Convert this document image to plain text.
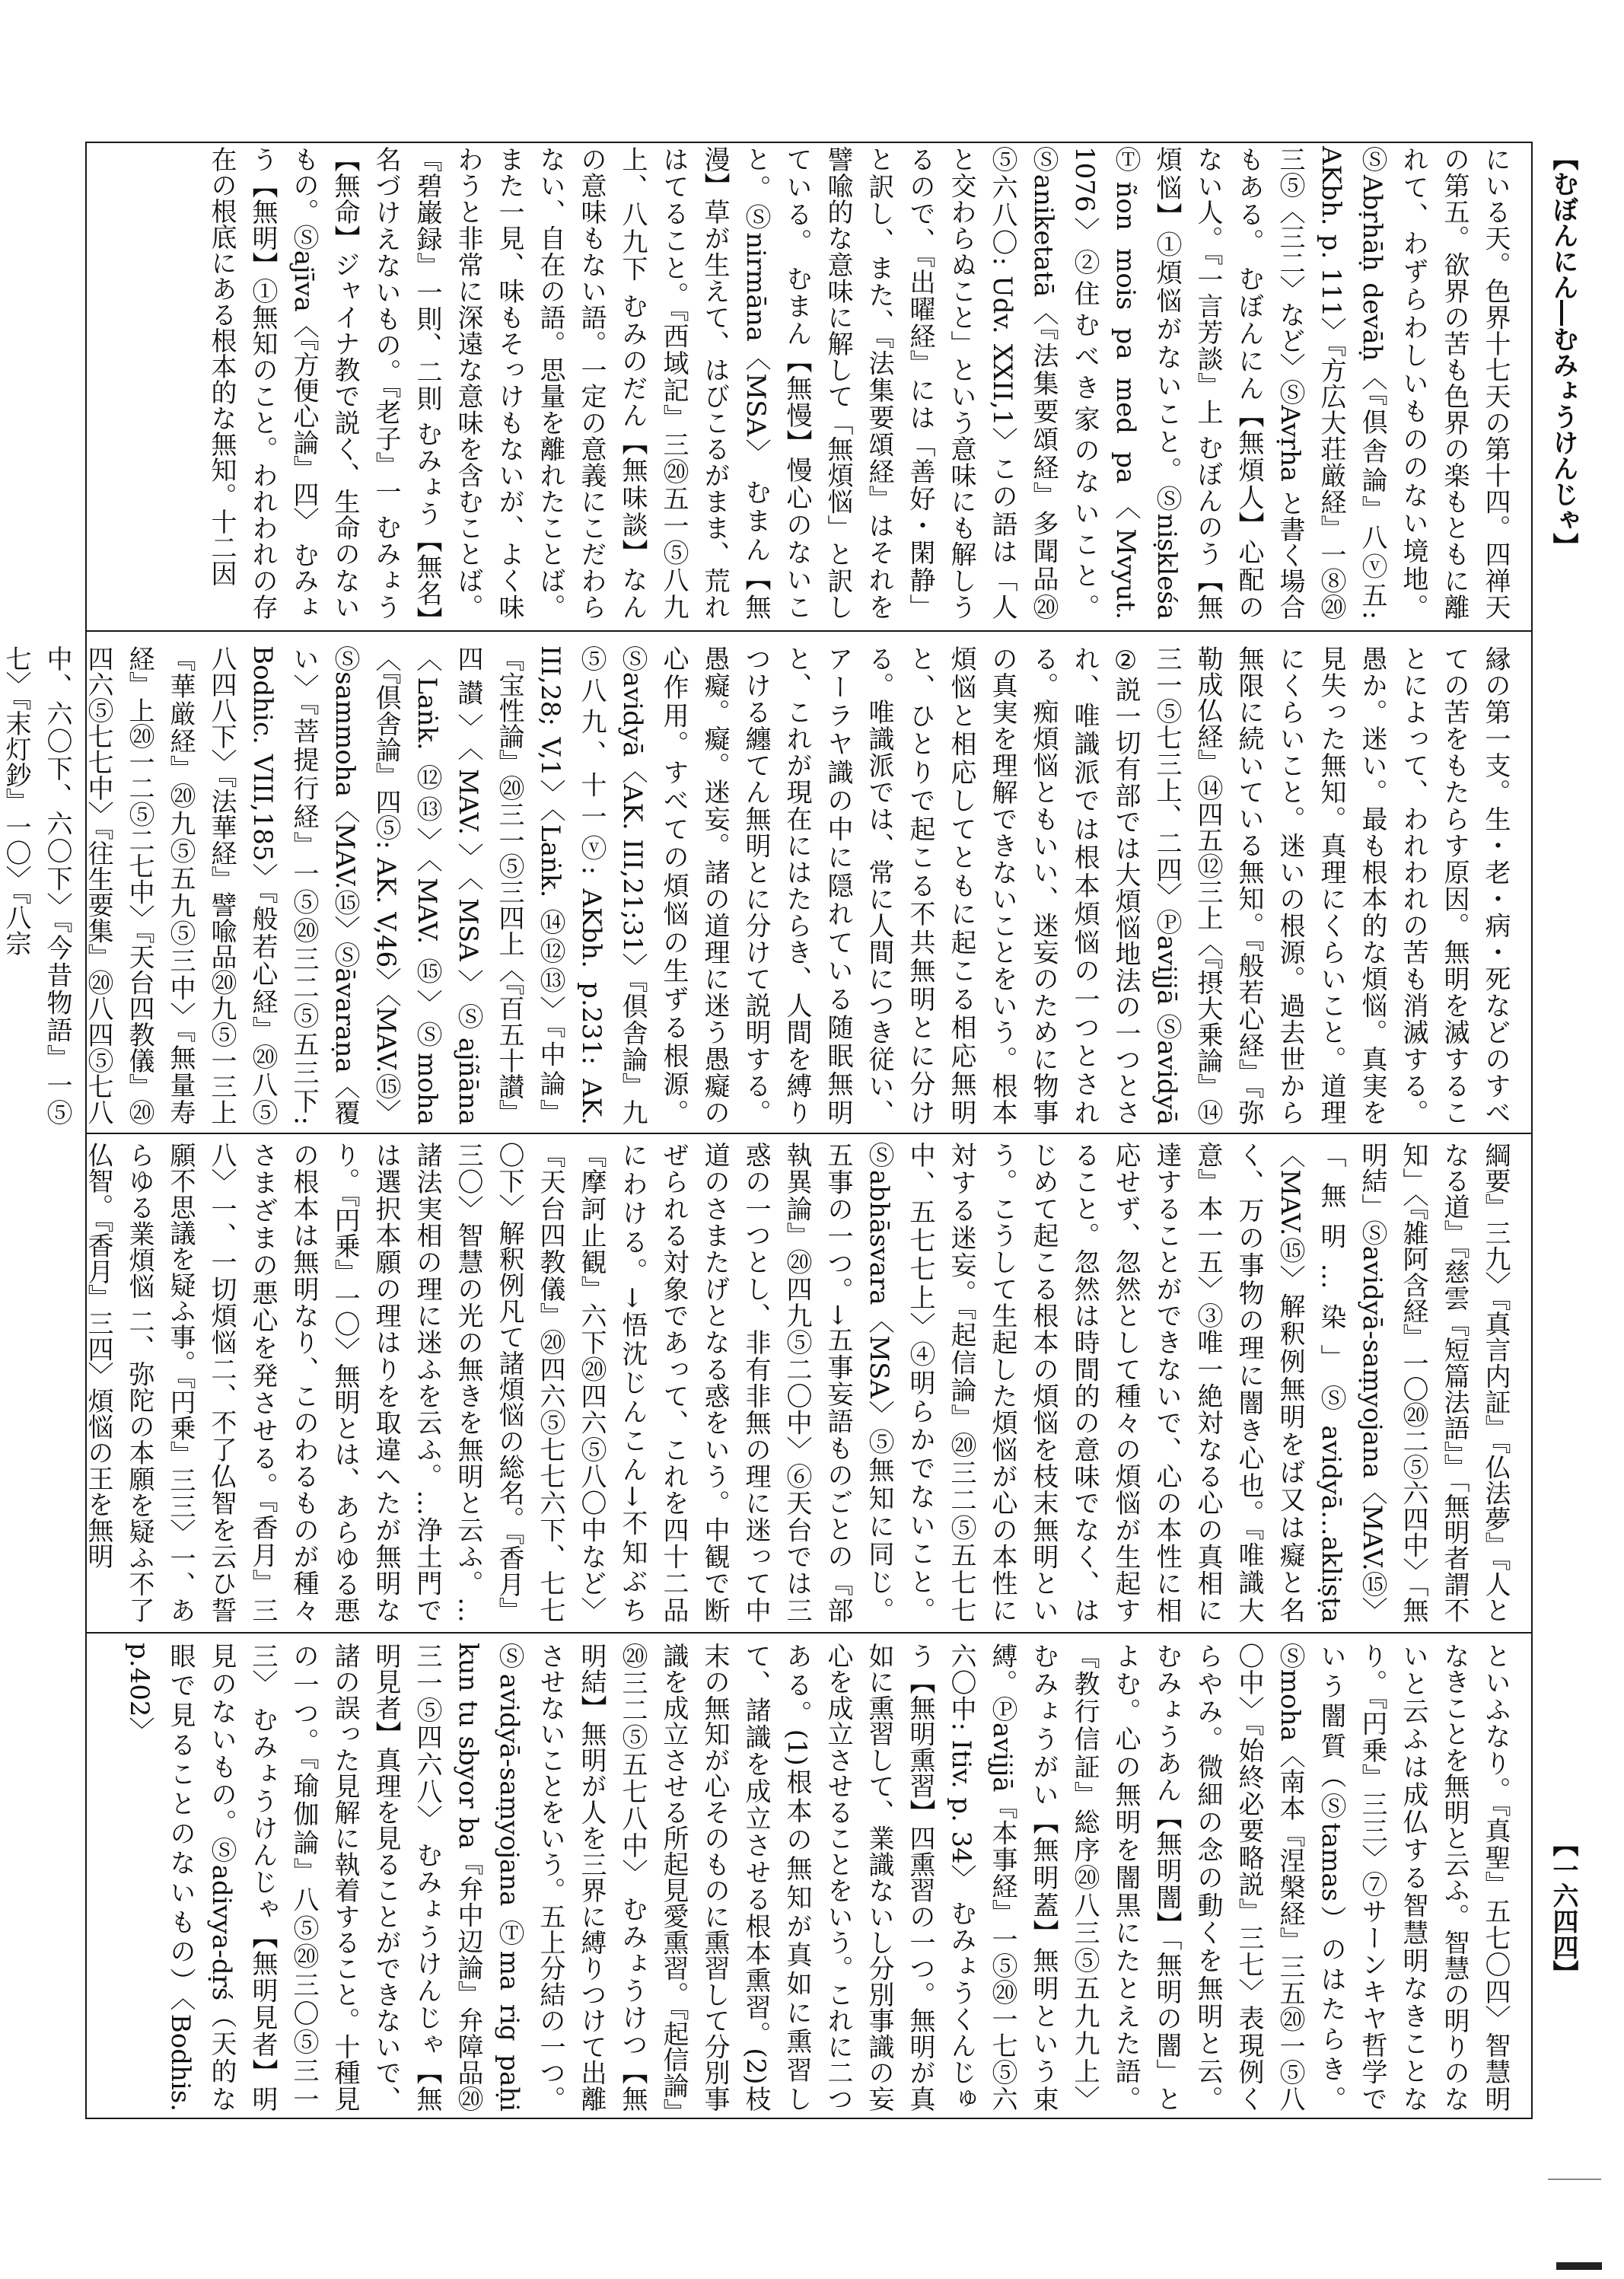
【むぼんにん―むみょうけんじゃ】
【一六四四】
にいる天。色界十七天の第十四。四禅天の第五。欲界の苦も色界の楽もともに離れて、わずらわしいもののない境地。ⓈAbṛhāḥ devāḥ〈『倶舎論』八ⓥ五: AKbh. p. 111〉『方広大荘厳経』一⑧⑳三⑤〈三二〉など〉ⓈAvṛha と書く場合もある。 むぼんにん【無煩人】心配のない人。『一言芳談』上 むぼんのう【無煩悩】①煩悩がないこと。Ⓢniṣkleśa Ⓣñon mois pa med pa〈Mvyut. 1076〉②住むべき家のないこと。Ⓢaniketatā〈『法集要頌経』多聞品⑳ ⑤六八〇: Udv. XXII,1〉この語は「人と交わらぬこと」という意味にも解しうるので、『出曜経』には「善好・閑静」と訳し、また、『法集要頌経』はそれを譬喩的な意味に解して「無煩悩」と訳している。 むまん【無慢】慢心のないこと。Ⓢnirmāna〈MSA〉 むまん【無漫】草が生えて、はびこるがまま、荒れはてること。『西域記』三⑳五一⑤八九上、八九下 むみのだん【無味談】なんの意味もない語。一定の意義にこだわらない、自在の語。思量を離れたことば。また一見、味もそっけもないが、よく味わうと非常に深遠な意味を含むことば。『碧巌録』一則、二則 むみょう【無名】名づけえないもの。『老子』一 むみょう【無命】ジャイナ教で説く、生命のないもの。Ⓢajīva〈『方便心論』四〉 むみょう【無明】①無知のこと。われわれの存在の根底にある根本的な無知。十二因
縁の第一支。生・老・病・死などのすべての苦をもたらす原因。無明を滅することによって、われわれの苦も消滅する。愚か。迷い。最も根本的な煩悩。真実を見失った無知。真理にくらいこと。道理にくらいこと。迷いの根源。過去世から無限に続いている無知。『般若心経』『弥勒成仏経』⑭四五⑫三上〈『摂大乗論』⑭三一⑤七三上、二四〉Ⓟavijjā Ⓢavidyā ②説一切有部では大煩悩地法の一つとされ、唯識派では根本煩悩の一つとされる。痴煩悩ともいい、迷妄のために物事の真実を理解できないことをいう。根本煩悩と相応してともに起こる相応無明と、ひとりで起こる不共無明とに分ける。唯識派では、常に人間につき従い、アーラヤ識の中に隠れている随眠無明と、これが現在にはたらき、人間を縛りつける纏てん無明とに分けて説明する。愚癡。癡。迷妄。諸の道理に迷う愚癡の心作用。すべての煩悩の生ずる根源。Ⓢavidyā〈AK. III,21;31〉『倶舎論』九⑤八九、十一ⓥ: AKbh. p.231: AK. III,28; V,1〉〈Laṅk. ⑭⑫⑬〉『中論』『宝性論』⑳三一⑤三四上〈『百五十讃』四讃〉〈MAV.〉〈MSA〉Ⓢajñāna〈Laṅk. ⑫⑬〉〈MAV. ⑮〉Ⓢmoha〈『倶舎論』四⑤: AK. V,46〉〈MAV.⑮〉Ⓢsammoha〈MAV.⑮〉Ⓢāvaraṇa〈覆い〉『菩提行経』一⑤⑳三二⑤五三下: Bodhic. VIII,185〉『般若心経』⑳八⑤八四八下〉『法華経』譬喩品⑳九⑤一三上『華厳経』⑳九⑤五九⑤三中〉『無量寿経』上⑳一二⑤二七中〉『天台四教儀』⑳四六⑤七七中〉『往生要集』⑳八四⑤七八中、六〇下、六〇下〉『今昔物語』一⑤七〉『末灯鈔』一〇〉『八宗
綱要』三九〉『真言内証』『仏法夢』『人となる道』『慈雲『短篇法語』』「無明者謂不知」〈『雑阿含経』一〇⑳二⑤六四中〉「無明結」Ⓢavidyā-saṃyojana〈MAV.⑮〉「無明…染」Ⓢavidyā…akliṣṭa〈MAV.⑮〉解釈例無明をば又は癡と名く、万の事物の理に闇き心也。『唯識大意』本一五〉③唯一絶対なる心の真相に達することができないで、心の本性に相応せず、忽然として種々の煩悩が生起すること。忽然は時間的の意味でなく、はじめて起こる根本の煩悩を枝末無明という。こうして生起した煩悩が心の本性に対する迷妄。『起信論』⑳三二⑤五七七中、五七七上〉④明らかでないこと。Ⓢabhāsvara〈MSA〉⑤無知に同じ。五事の一つ。→五事妄語ものごとの『部執異論』⑳四九⑤二〇中〉⑥天台では三惑の一つとし、非有非無の理に迷って中道のさまたげとなる惑をいう。中観で断ぜられる対象であって、これを四十二品にわける。→悟沈じんこん→不知ぶち『摩訶止観』六下⑳四六⑤八〇中など〉『天台四教儀』⑳四六⑤七七六下、七七〇下〉解釈例凡て諸煩悩の総名。『香月』三〇〉智慧の光の無きを無明と云ふ。…諸法実相の理に迷ふを云ふ。…浄土門では選択本願の理はりを取違へたが無明なり。『円乗』一〇〉無明とは、あらゆる悪の根本は無明なり、このわるものが種々さまざまの悪心を発させる。『香月』三八〉一、一切煩悩二、不了仏智を云ひ誓願不思議を疑ふ事。『円乗』三三〉一、あらゆる業煩悩 二、弥陀の本願を疑ふ不了仏智。『香月』三四〉煩悩の王を無明
といふなり。『真聖』五七〇四〉智慧明なきことを無明と云ふ。智慧の明りのないと云ふは成仏する智慧明なきことなり。『円乗』三三〉⑦サーンキヤ哲学でいう闇質（Ⓢtamas）のはたらき。Ⓢmoha〈南本『涅槃経』三五⑳一⑤八〇中〉『始終必要略説』三七〉表現例くらやみ。微細の念の動くを無明と云。 むみょうあん【無明闇】「無明の闇」とよむ。心の無明を闇黒にたとえた語。『教行信証』総序⑳八三⑤五九九上〉 むみょうがい【無明蓋】無明という束縛。Ⓟavijjā『本事経』一⑤⑳一七⑤六六〇中: Itiv. p. 34〉 むみょうくんじゅう【無明熏習】四熏習の一つ。無明が真如に熏習して、業識ないし分別事識の妄心を成立させることをいう。これに二つある。(1)根本の無知が真如に熏習して、諸識を成立させる根本熏習。(2)枝末の無知が心そのものに熏習して分別事識を成立させる所起見愛熏習。『起信論』⑳三二⑤五七八中〉 むみょうけつ【無明結】無明が人を三界に縛りつけて出離させないことをいう。五上分結の一つ。Ⓢavidyā-saṃyojana Ⓣma rig paḥi kun tu sbyor ba『弁中辺論』弁障品⑳三一⑤四六八〉 むみょうけんじゃ【無明見者】真理を見ることができないで、諸の誤った見解に執着すること。十種見の一つ。『瑜伽論』八⑤⑳三〇⑤三一三〉 むみょうけんじゃ【無明見者】明見のないもの。Ⓢadivya-dṛś（天的な眼で見ることのないもの）〈Bodhis. p.402〉
